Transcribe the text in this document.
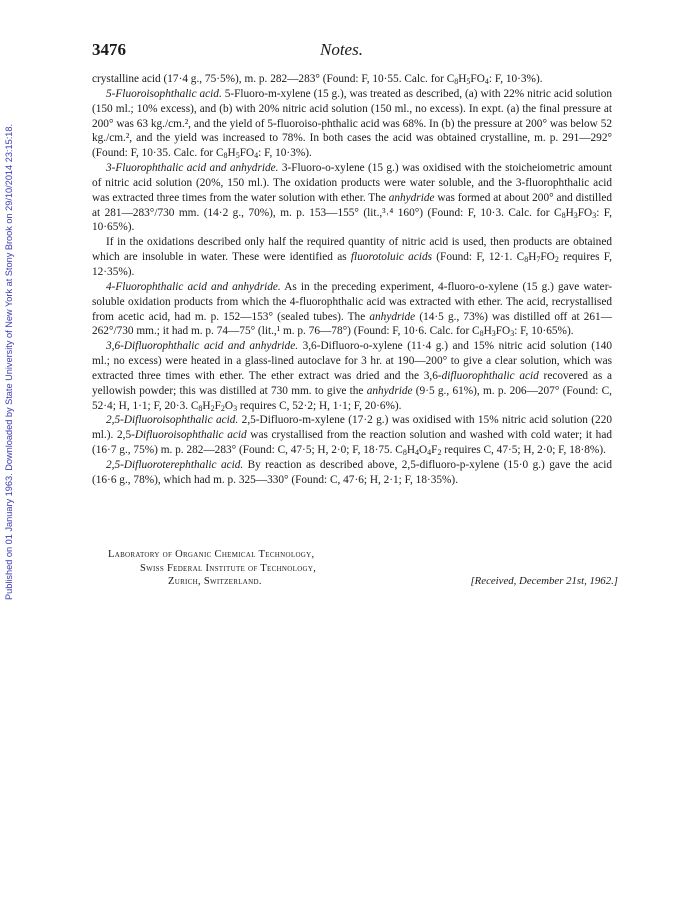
Published on 01 January 1963. Downloaded by State University of New York at Stony Brook on 29/10/2014 23:15:18.
3476	Notes.

crystalline acid (17·4 g., 75·5%), m. p. 282—283° (Found: F, 10·55. Calc. for $C_8H_5FO_4$: F, 10·3%).

5-Fluoroisophthalic acid. 5-Fluoro-m-xylene (15 g.), was treated as described, (a) with 22% nitric acid solution (150 ml.; 10% excess), and (b) with 20% nitric acid solution (150 ml., no excess). In expt. (a) the final pressure at 200° was 63 kg./cm.², and the yield of 5-fluoroiso-phthalic acid was 68%. In (b) the pressure at 200° was below 52 kg./cm.², and the yield was increased to 78%. In both cases the acid was obtained crystalline, m. p. 291—292° (Found: F, 10·35. Calc. for $C_8H_5FO_4$: F, 10·3%).

3-Fluorophthalic acid and anhydride. 3-Fluoro-o-xylene (15 g.) was oxidised with the stoicheiometric amount of nitric acid solution (20%, 150 ml.). The oxidation products were water soluble, and the 3-fluorophthalic acid was extracted three times from the water solution with ether. The anhydride was formed at about 200° and distilled at 281—283°/730 mm. (14·2 g., 70%), m. p. 153—155° (lit.,³˒⁴ 160°) (Found: F, 10·3. Calc. for $C_8H_3FO_3$: F, 10·65%).

If in the oxidations described only half the required quantity of nitric acid is used, then products are obtained which are insoluble in water. These were identified as fluorotoluic acids (Found: F, 12·1. $C_8H_7FO_2$ requires F, 12·35%).

4-Fluorophthalic acid and anhydride. As in the preceding experiment, 4-fluoro-o-xylene (15 g.) gave water-soluble oxidation products from which the 4-fluorophthalic acid was extracted with ether. The acid, recrystallised from acetic acid, had m. p. 152—153° (sealed tubes). The anhydride (14·5 g., 73%) was distilled off at 261—262°/730 mm.; it had m. p. 74—75° (lit.,¹ m. p. 76—78°) (Found: F, 10·6. Calc. for $C_8H_3FO_3$: F, 10·65%).

3,6-Difluorophthalic acid and anhydride. 3,6-Difluoro-o-xylene (11·4 g.) and 15% nitric acid solution (140 ml.; no excess) were heated in a glass-lined autoclave for 3 hr. at 190—200° to give a clear solution, which was extracted three times with ether. The ether extract was dried and the 3,6-difluorophthalic acid recovered as a yellowish powder; this was distilled at 730 mm. to give the anhydride (9·5 g., 61%), m. p. 206—207° (Found: C, 52·4; H, 1·1; F, 20·3. $C_8H_2F_2O_3$ requires C, 52·2; H, 1·1; F, 20·6%).

2,5-Difluoroisophthalic acid. 2,5-Difluoro-m-xylene (17·2 g.) was oxidised with 15% nitric acid solution (220 ml.). 2,5-Difluoroisophthalic acid was crystallised from the reaction solution and washed with cold water; it had (16·7 g., 75%) m. p. 282—283° (Found: C, 47·5; H, 2·0; F, 18·75. $C_8H_4O_4F_2$ requires C, 47·5; H, 2·0; F, 18·8%).

2,5-Difluoroterephthalic acid. By reaction as described above, 2,5-difluoro-p-xylene (15·0 g.) gave the acid (16·6 g., 78%), which had m. p. 325—330° (Found: C, 47·6; H, 2·1; F, 18·35%).

Laboratory of Organic Chemical Technology,
Swiss Federal Institute of Technology,
Zurich, Switzerland.	[Received, December 21st, 1962.]
